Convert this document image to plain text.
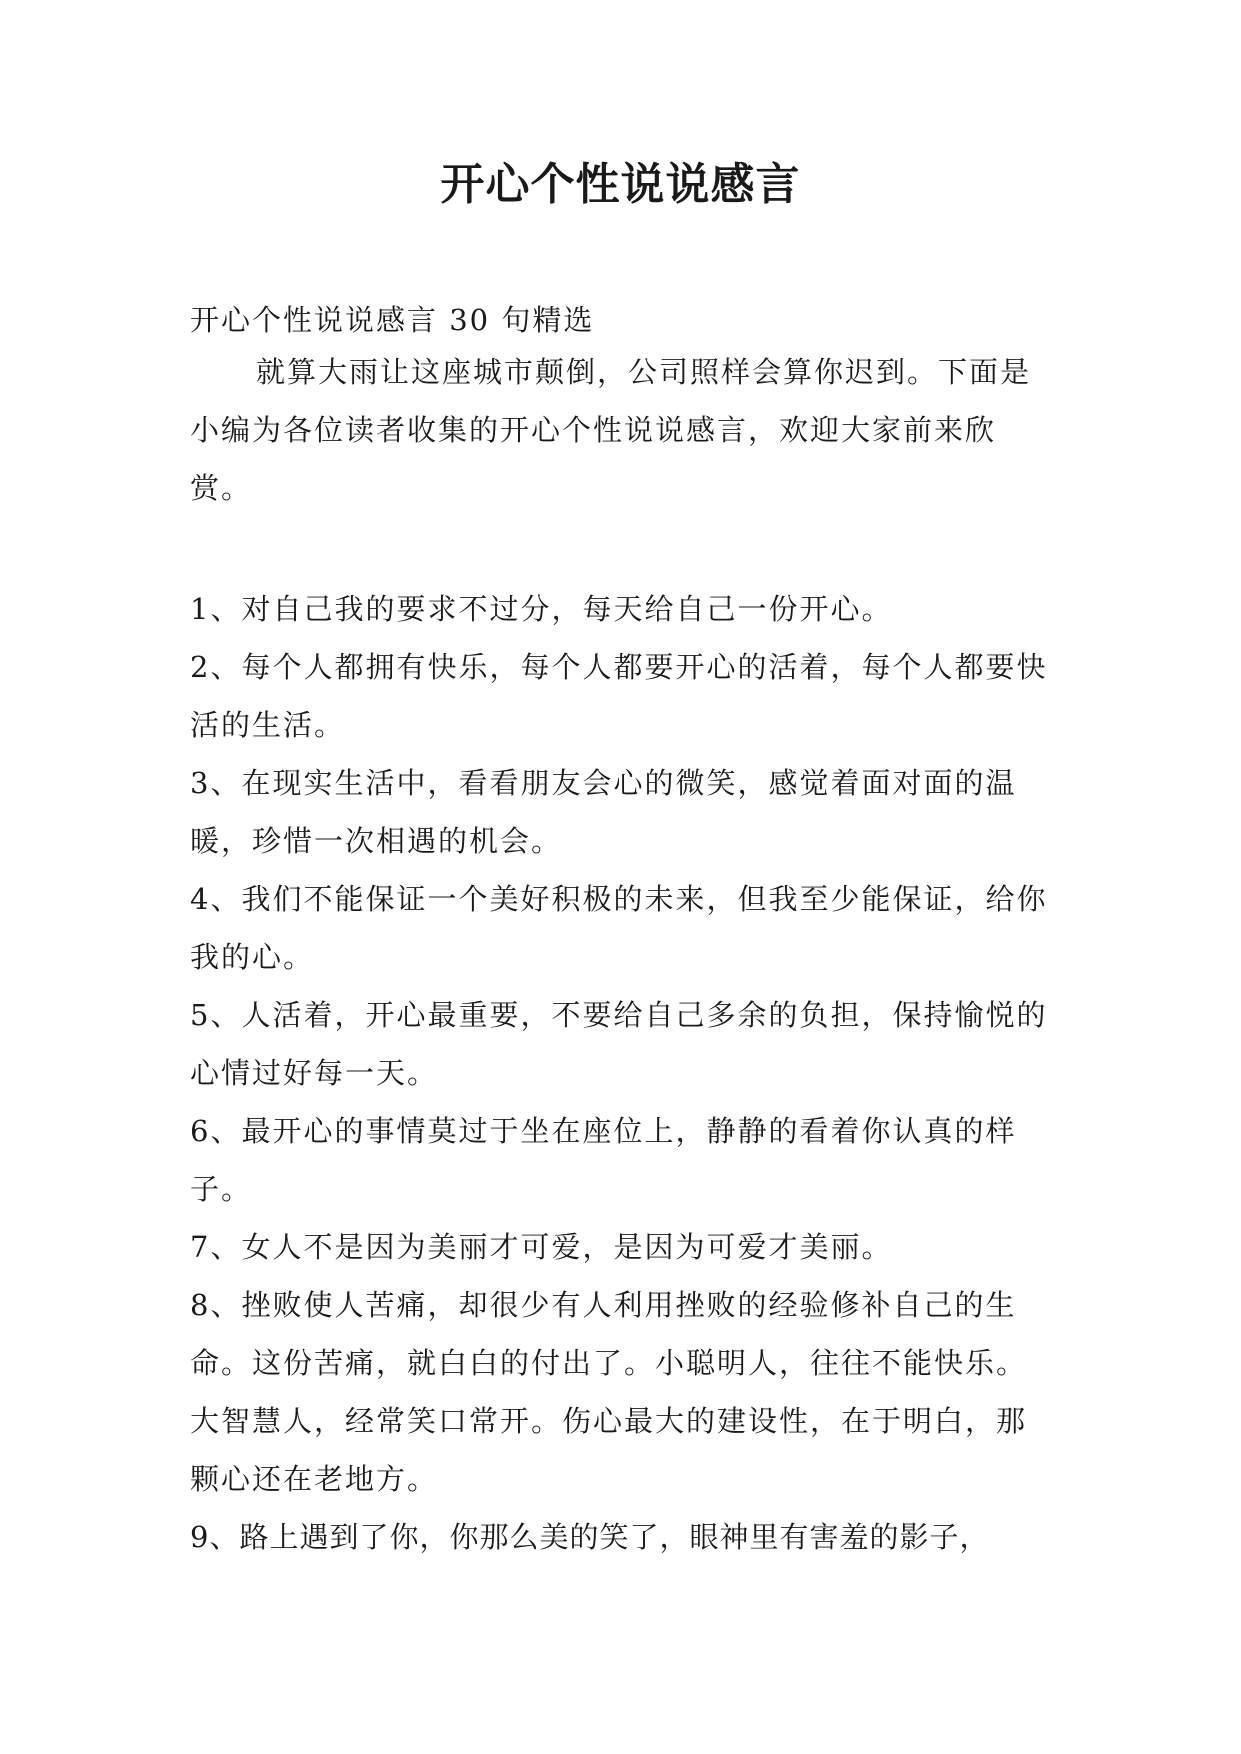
开心个性说说感言
开心个性说说感言 30 句精选

就算大雨让这座城市颠倒，公司照样会算你迟到。下面是小编为各位读者收集的开心个性说说感言，欢迎大家前来欣赏。

1、对自己我的要求不过分，每天给自己一份开心。

2、每个人都拥有快乐，每个人都要开心的活着，每个人都要快活的生活。

3、在现实生活中，看看朋友会心的微笑，感觉着面对面的温暖，珍惜一次相遇的机会。

4、我们不能保证一个美好积极的未来，但我至少能保证，给你我的心。

5、人活着，开心最重要，不要给自己多余的负担，保持愉悦的心情过好每一天。

6、最开心的事情莫过于坐在座位上，静静的看着你认真的样子。

7、女人不是因为美丽才可爱，是因为可爱才美丽。

8、挫败使人苦痛，却很少有人利用挫败的经验修补自己的生命。这份苦痛，就白白的付出了。小聪明人，往往不能快乐。大智慧人，经常笑口常开。伤心最大的建设性，在于明白，那颗心还在老地方。

9、路上遇到了你，你那么美的笑了，眼神里有害羞的影子，
